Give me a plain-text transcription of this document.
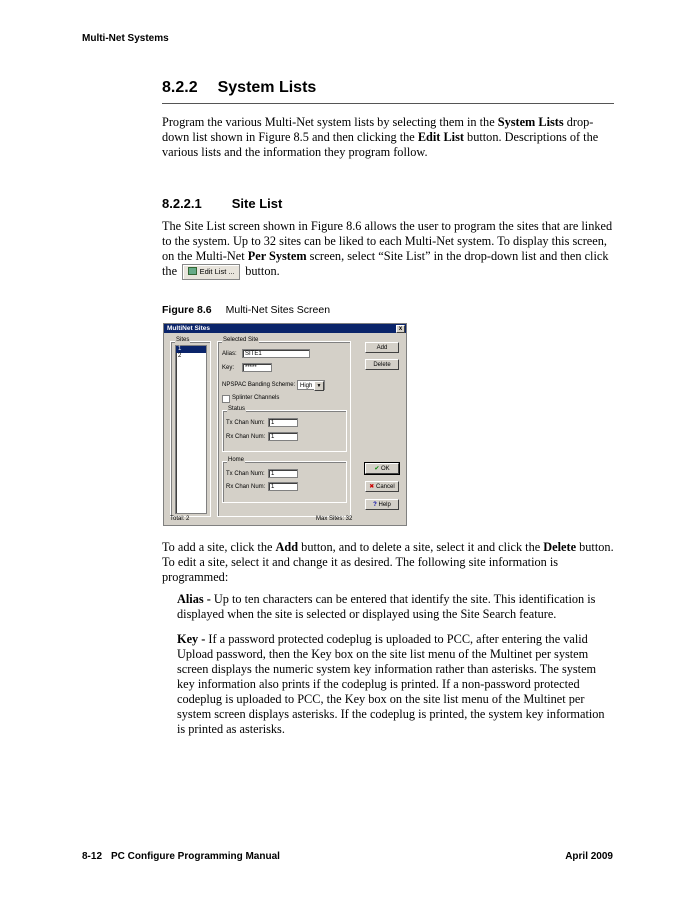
Multi-Net Systems
8.2.2 System Lists
Program the various Multi-Net system lists by selecting them in the System Lists drop-down list shown in Figure 8.5 and then clicking the Edit List button. Descriptions of the various lists and the information they program follow.
8.2.2.1 Site List
The Site List screen shown in Figure 8.6 allows the user to program the sites that are linked to the system. Up to 32 sites can be liked to each Multi-Net system. To display this screen, on the Multi-Net Per System screen, select “Site List” in the drop-down list and then click the	Edit List ... button.
Figure 8.6 Multi-Net Sites Screen
MultiNet Sites	x
Sites
1
2
Selected Site
Alias:	SITE1
Key:	*****
NPSPAC Banding Scheme: High ▼
Splinter Channels
Status
Tx Chan Num:	1
Rx Chan Num: 1
Home
Tx Chan Num:	1
Rx Chan Num: 1
Add
Delete
✔ OK
✖ Cancel
? Help
Total: 2	Max Sites: 32
To add a site, click the Add button, and to delete a site, select it and click the Delete button. To edit a site, select it and change it as desired. The following site information is programmed:
Alias - Up to ten characters can be entered that identify the site. This identification is displayed when the site is selected or displayed using the Site Search feature.
Key - If a password protected codeplug is uploaded to PCC, after entering the valid Upload password, then the Key box on the site list menu of the Multinet per system screen displays the numeric system key information rather than asterisks. The system key information also prints if the codeplug is printed. If a non-password protected codeplug is uploaded to PCC, the Key box on the site list menu of the Multinet per system screen displays asterisks. If the codeplug is printed, the system key information is printed as asterisks.
8-12 PC Configure Programming Manual	April 2009
